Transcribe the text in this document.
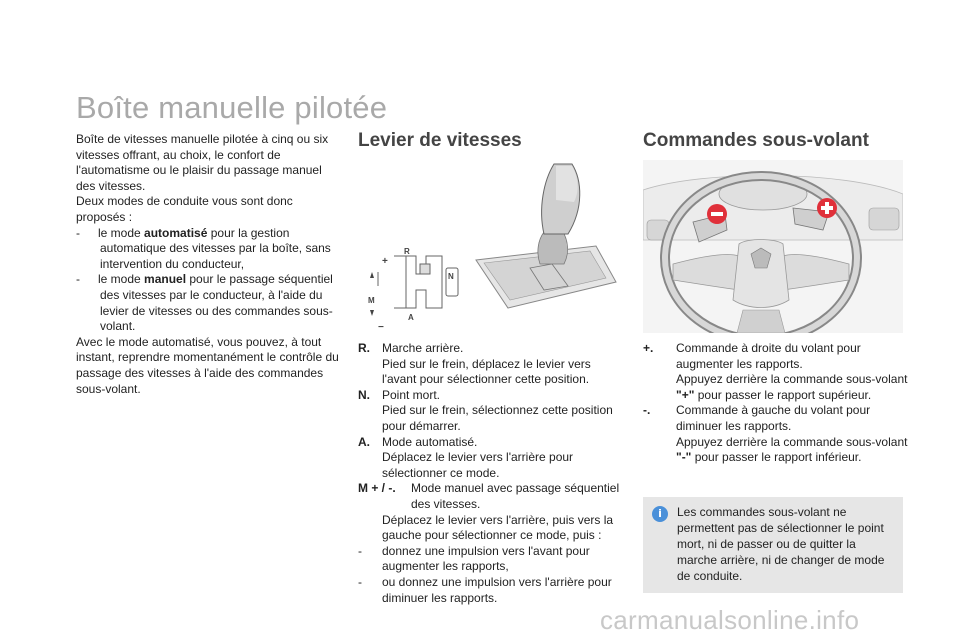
Boîte manuelle pilotée

Boîte de vitesses manuelle pilotée à cinq ou six vitesses offrant, au choix, le confort de l'automatisme ou le plaisir du passage manuel des vitesses.

Deux modes de conduite vous sont donc proposés :

- le mode automatisé pour la gestion automatique des vitesses par la boîte, sans intervention du conducteur,

- le mode manuel pour le passage séquentiel des vitesses par le conducteur, à l'aide du levier de vitesses ou des commandes sous-volant.

Avec le mode automatisé, vous pouvez, à tout instant, reprendre momentanément le contrôle du passage des vitesses à l'aide des commandes sous-volant.

Levier de vitesses
R
N
A
M
+
−
Commandes sous-volant
R.	Marche arrière.
Pied sur le frein, déplacez le levier vers l'avant pour sélectionner cette position.
N.	Point mort.
Pied sur le frein, sélectionnez cette position pour démarrer.
A.	Mode automatisé.
Déplacez le levier vers l'arrière pour sélectionner ce mode.
M + / -.	Mode manuel avec passage séquentiel des vitesses.
Déplacez le levier vers l'arrière, puis vers la gauche pour sélectionner ce mode, puis :
-	donnez une impulsion vers l'avant pour augmenter les rapports,
-	ou donnez une impulsion vers l'arrière pour diminuer les rapports.
+.	Commande à droite du volant pour augmenter les rapports.
Appuyez derrière la commande sous-volant "+" pour passer le rapport supérieur.
-.	Commande à gauche du volant pour diminuer les rapports.
Appuyez derrière la commande sous-volant "-" pour passer le rapport inférieur.
i	Les commandes sous-volant ne permettent pas de sélectionner le point mort, ni de passer ou de quitter la marche arrière, ni de changer de mode de conduite.
carmanualsonline.info
